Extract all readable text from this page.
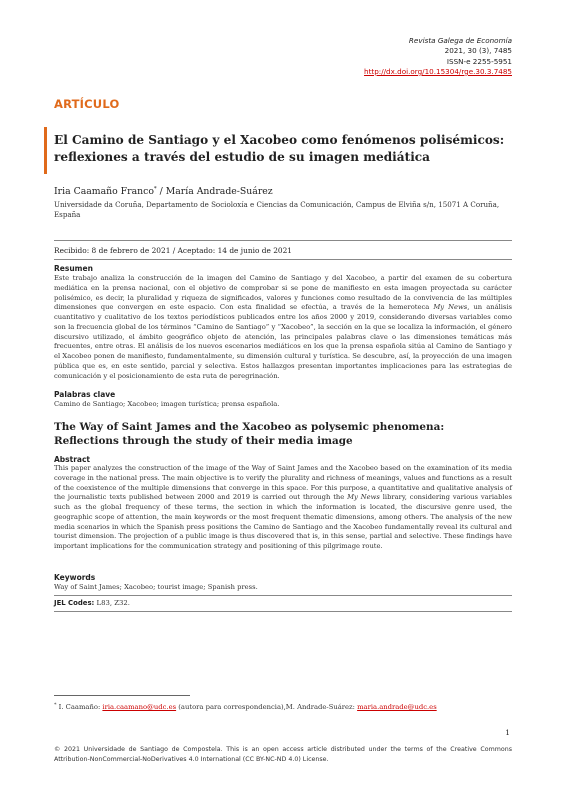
Revista Galega de Economía
2021, 30 (3), 7485
ISSN-e 2255-5951
http://dx.doi.org/10.15304/rge.30.3.7485
ARTÍCULO
El Camino de Santiago y el Xacobeo como fenómenos polisémicos: reflexiones a través del estudio de su imagen mediática
Iria Caamaño Franco* / María Andrade-Suárez
Universidade da Coruña, Departamento de Socioloxía e Ciencias da Comunicación, Campus de Elviña s/n, 15071 A Coruña, España
Recibido: 8 de febrero de 2021 / Aceptado: 14 de junio de 2021
Resumen

Este trabajo analiza la construcción de la imagen del Camino de Santiago y del Xacobeo, a partir del examen de su cobertura mediática en la prensa nacional, con el objetivo de comprobar si se pone de manifiesto en esta imagen proyectada su carácter polisémico, es decir, la pluralidad y riqueza de significados, valores y funciones como resultado de la convivencia de las múltiples dimensiones que convergen en este espacio. Con esta finalidad se efectúa, a través de la hemeroteca My News, un análisis cuantitativo y cualitativo de los textos periodísticos publicados entre los años 2000 y 2019, considerando diversas variables como son la frecuencia global de los términos “Camino de Santiago” y “Xacobeo”, la sección en la que se localiza la información, el género discursivo utilizado, el ámbito geográfico objeto de atención, las principales palabras clave o las dimensiones temáticas más frecuentes, entre otras. El análisis de los nuevos escenarios mediáticos en los que la prensa española sitúa al Camino de Santiago y el Xacobeo ponen de manifiesto, fundamentalmente, su dimensión cultural y turística. Se descubre, así, la proyección de una imagen pública que es, en este sentido, parcial y selectiva. Estos hallazgos presentan importantes implicaciones para las estrategias de comunicación y el posicionamiento de esta ruta de peregrinación.

Palabras clave

Camino de Santiago; Xacobeo; imagen turística; prensa española.

The Way of Saint James and the Xacobeo as polysemic phenomena: Reflections through the study of their media image
Abstract

This paper analyzes the construction of the image of the Way of Saint James and the Xacobeo based on the examination of its media coverage in the national press. The main objective is to verify the plurality and richness of meanings, values and functions as a result of the coexistence of the multiple dimensions that converge in this space. For this purpose, a quantitative and qualitative analysis of the journalistic texts published between 2000 and 2019 is carried out through the My News library, considering various variables such as the global frequency of these terms, the section in which the information is located, the discursive genre used, the geographic scope of attention, the main keywords or the most frequent thematic dimensions, among others. The analysis of the new media scenarios in which the Spanish press positions the Camino de Santiago and the Xacobeo fundamentally reveal its cultural and tourist dimension. The projection of a public image is thus discovered that is, in this sense, partial and selective. These findings have important implications for the communication strategy and positioning of this pilgrimage route.

Keywords

Way of Saint James; Xacobeo; tourist image; Spanish press.

JEL Codes: L83, Z32.
* I. Caamaño: iria.caamano@udc.es (autora para correspondencia),M. Andrade-Suárez: maria.andrade@udc.es
1
© 2021 Universidade de Santiago de Compostela. This is an open access article distributed under the terms of the Creative Commons Attribution-NonCommercial-NoDerivatives 4.0 International (CC BY-NC-ND 4.0) License.
